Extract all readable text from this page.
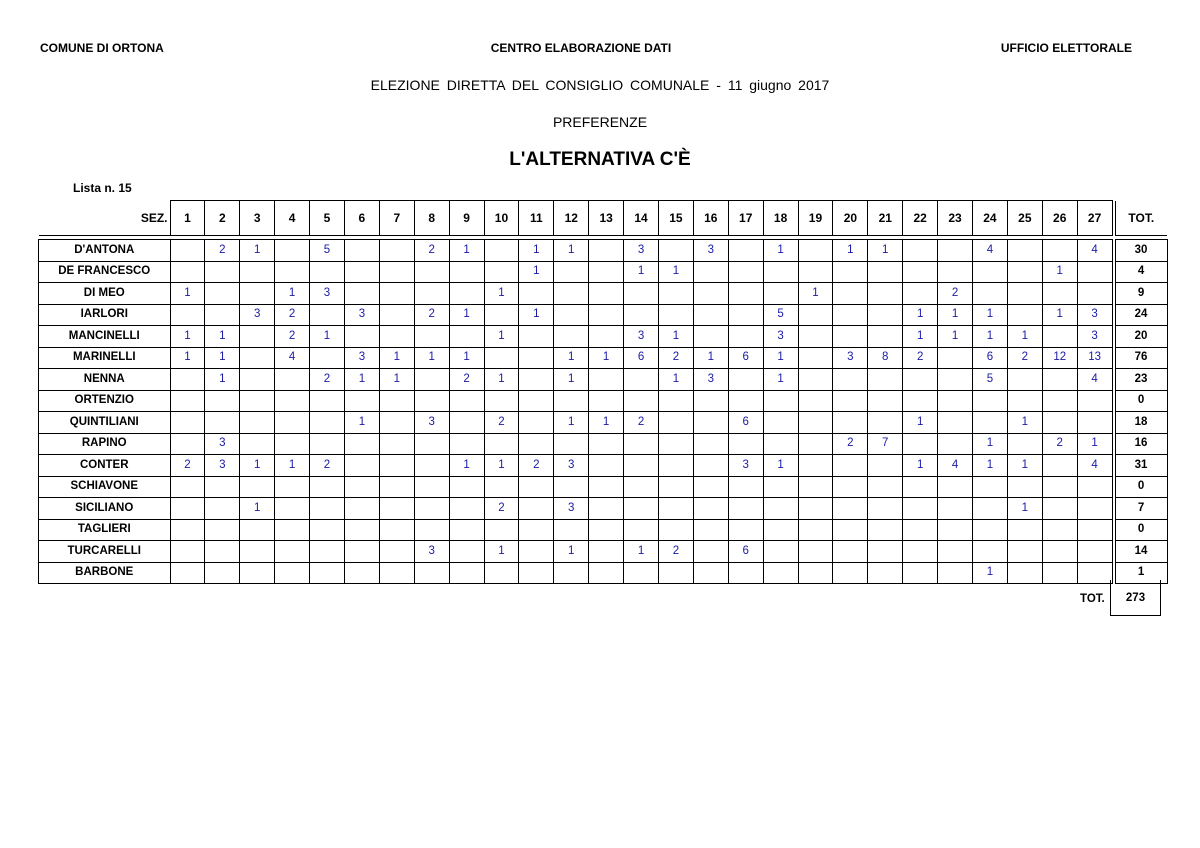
COMUNE DI ORTONA	CENTRO ELABORAZIONE DATI	UFFICIO ELETTORALE
ELEZIONE DIRETTA DEL CONSIGLIO COMUNALE - 11 giugno 2017
PREFERENZE
L'ALTERNATIVA C'È
Lista n. 15
SEZ.	1	2	3	4	5	6	7	8	9	10	11	12	13	14	15	16	17	18	19	20	21	22	23	24	25	26	27		TOT.

D'ANTONA		2	1		5			2	1		1	1		3		3		1		1	1			4			4		30
DE FRANCESCO											1			1	1											1			4
DI MEO	1			1	3					1									1				2						9
IARLORI			3	2		3		2	1		1							5				1	1	1		1	3		24
MANCINELLI	1	1		2	1					1				3	1			3				1	1	1	1		3		20
MARINELLI	1	1		4		3	1	1	1			1	1	6	2	1	6	1		3	8	2		6	2	12	13		76
NENNA		1			2	1	1		2	1		1			1	3		1						5			4		23
ORTENZIO																													0
QUINTILIANI						1		3		2		1	1	2			6					1			1				18
RAPINO		3																		2	7			1		2	1		16
CONTER	2	3	1	1	2				1	1	2	3					3	1				1	4	1	1		4		31
SCHIAVONE																													0
SICILIANO			1							2		3													1				7
TAGLIERI																													0
TURCARELLI								3		1		1		1	2		6												14
BARBONE																								1					1
TOT.	273
